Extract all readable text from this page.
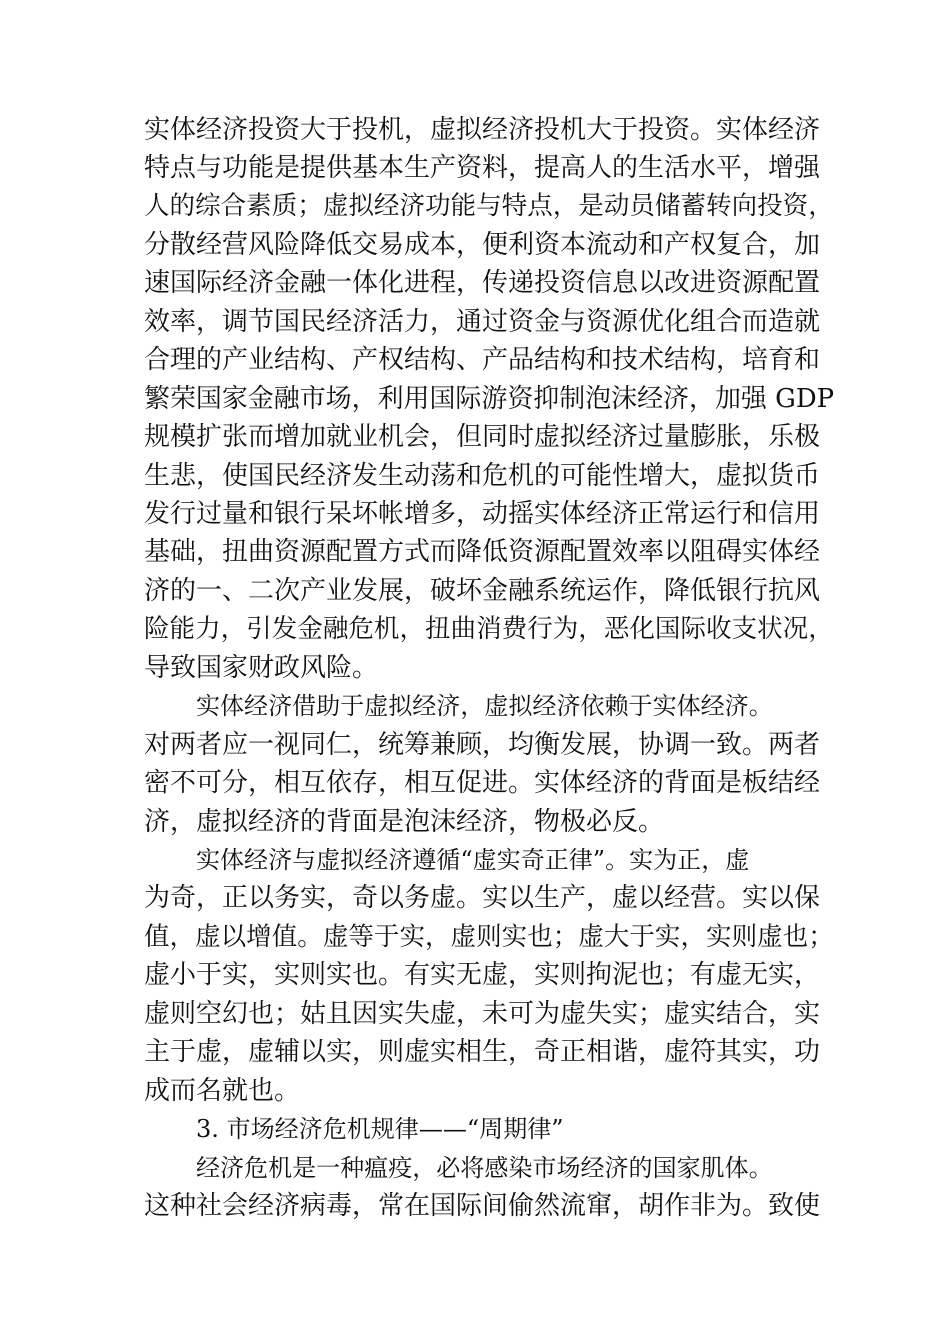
实体经济投资大于投机，虚拟经济投机大于投资。实体经济
特点与功能是提供基本生产资料，提高人的生活水平，增强
人的综合素质；虚拟经济功能与特点，是动员储蓄转向投资，
分散经营风险降低交易成本，便利资本流动和产权复合，加
速国际经济金融一体化进程，传递投资信息以改进资源配置
效率，调节国民经济活力，通过资金与资源优化组合而造就
合理的产业结构、产权结构、产品结构和技术结构，培育和
繁荣国家金融市场，利用国际游资抑制泡沫经济，加强 GDP
规模扩张而增加就业机会，但同时虚拟经济过量膨胀，乐极
生悲，使国民经济发生动荡和危机的可能性增大，虚拟货币
发行过量和银行呆坏帐增多，动摇实体经济正常运行和信用
基础，扭曲资源配置方式而降低资源配置效率以阻碍实体经
济的一、二次产业发展，破坏金融系统运作，降低银行抗风
险能力，引发金融危机，扭曲消费行为，恶化国际收支状况，
导致国家财政风险。
实体经济借助于虚拟经济，虚拟经济依赖于实体经济。
对两者应一视同仁，统筹兼顾，均衡发展，协调一致。两者
密不可分，相互依存，相互促进。实体经济的背面是板结经
济，虚拟经济的背面是泡沫经济，物极必反。
实体经济与虚拟经济遵循“虚实奇正律”。实为正，虚
为奇，正以务实，奇以务虚。实以生产，虚以经营。实以保
值，虚以增值。虚等于实，虚则实也；虚大于实，实则虚也；
虚小于实，实则实也。有实无虚，实则拘泥也；有虚无实，
虚则空幻也；姑且因实失虚，未可为虚失实；虚实结合，实
主于虚，虚辅以实，则虚实相生，奇正相谐，虚符其实，功
成而名就也。
3. 市场经济危机规律——“周期律”
经济危机是一种瘟疫，必将感染市场经济的国家肌体。
这种社会经济病毒，常在国际间偷然流窜，胡作非为。致使
